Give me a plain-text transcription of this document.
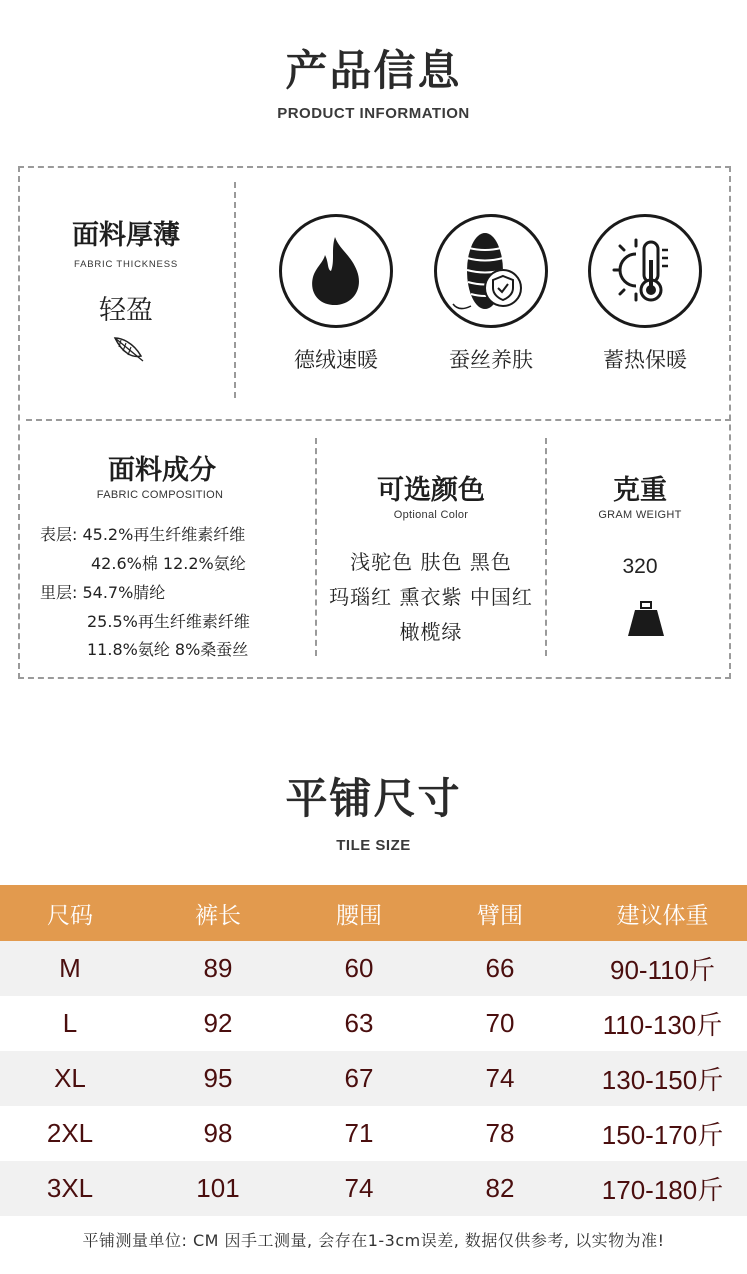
产品信息
PRODUCT INFORMATION
面料厚薄
FABRIC THICKNESS
轻盈
德绒速暖	蚕丝养肤	蓄热保暖
面料成分
FABRIC COMPOSITION
表层: 45.2%再生纤维素纤维
42.6%棉 12.2%氨纶
里层: 54.7%腈纶
25.5%再生纤维素纤维
11.8%氨纶 8%桑蚕丝
可选颜色
Optional Color
浅驼色 肤色 黑色
玛瑙红 熏衣紫 中国红
橄榄绿
克重
GRAM WEIGHT
320
平铺尺寸
TILE SIZE
尺码	裤长	腰围	臂围	建议体重
M	89	60	66	90-110斤
L	92	63	70	110-130斤
XL	95	67	74	130-150斤
2XL	98	71	78	150-170斤
3XL	101	74	82	170-180斤
平铺测量单位: CM 因手工测量, 会存在1-3cm误差, 数据仅供参考, 以实物为准!
